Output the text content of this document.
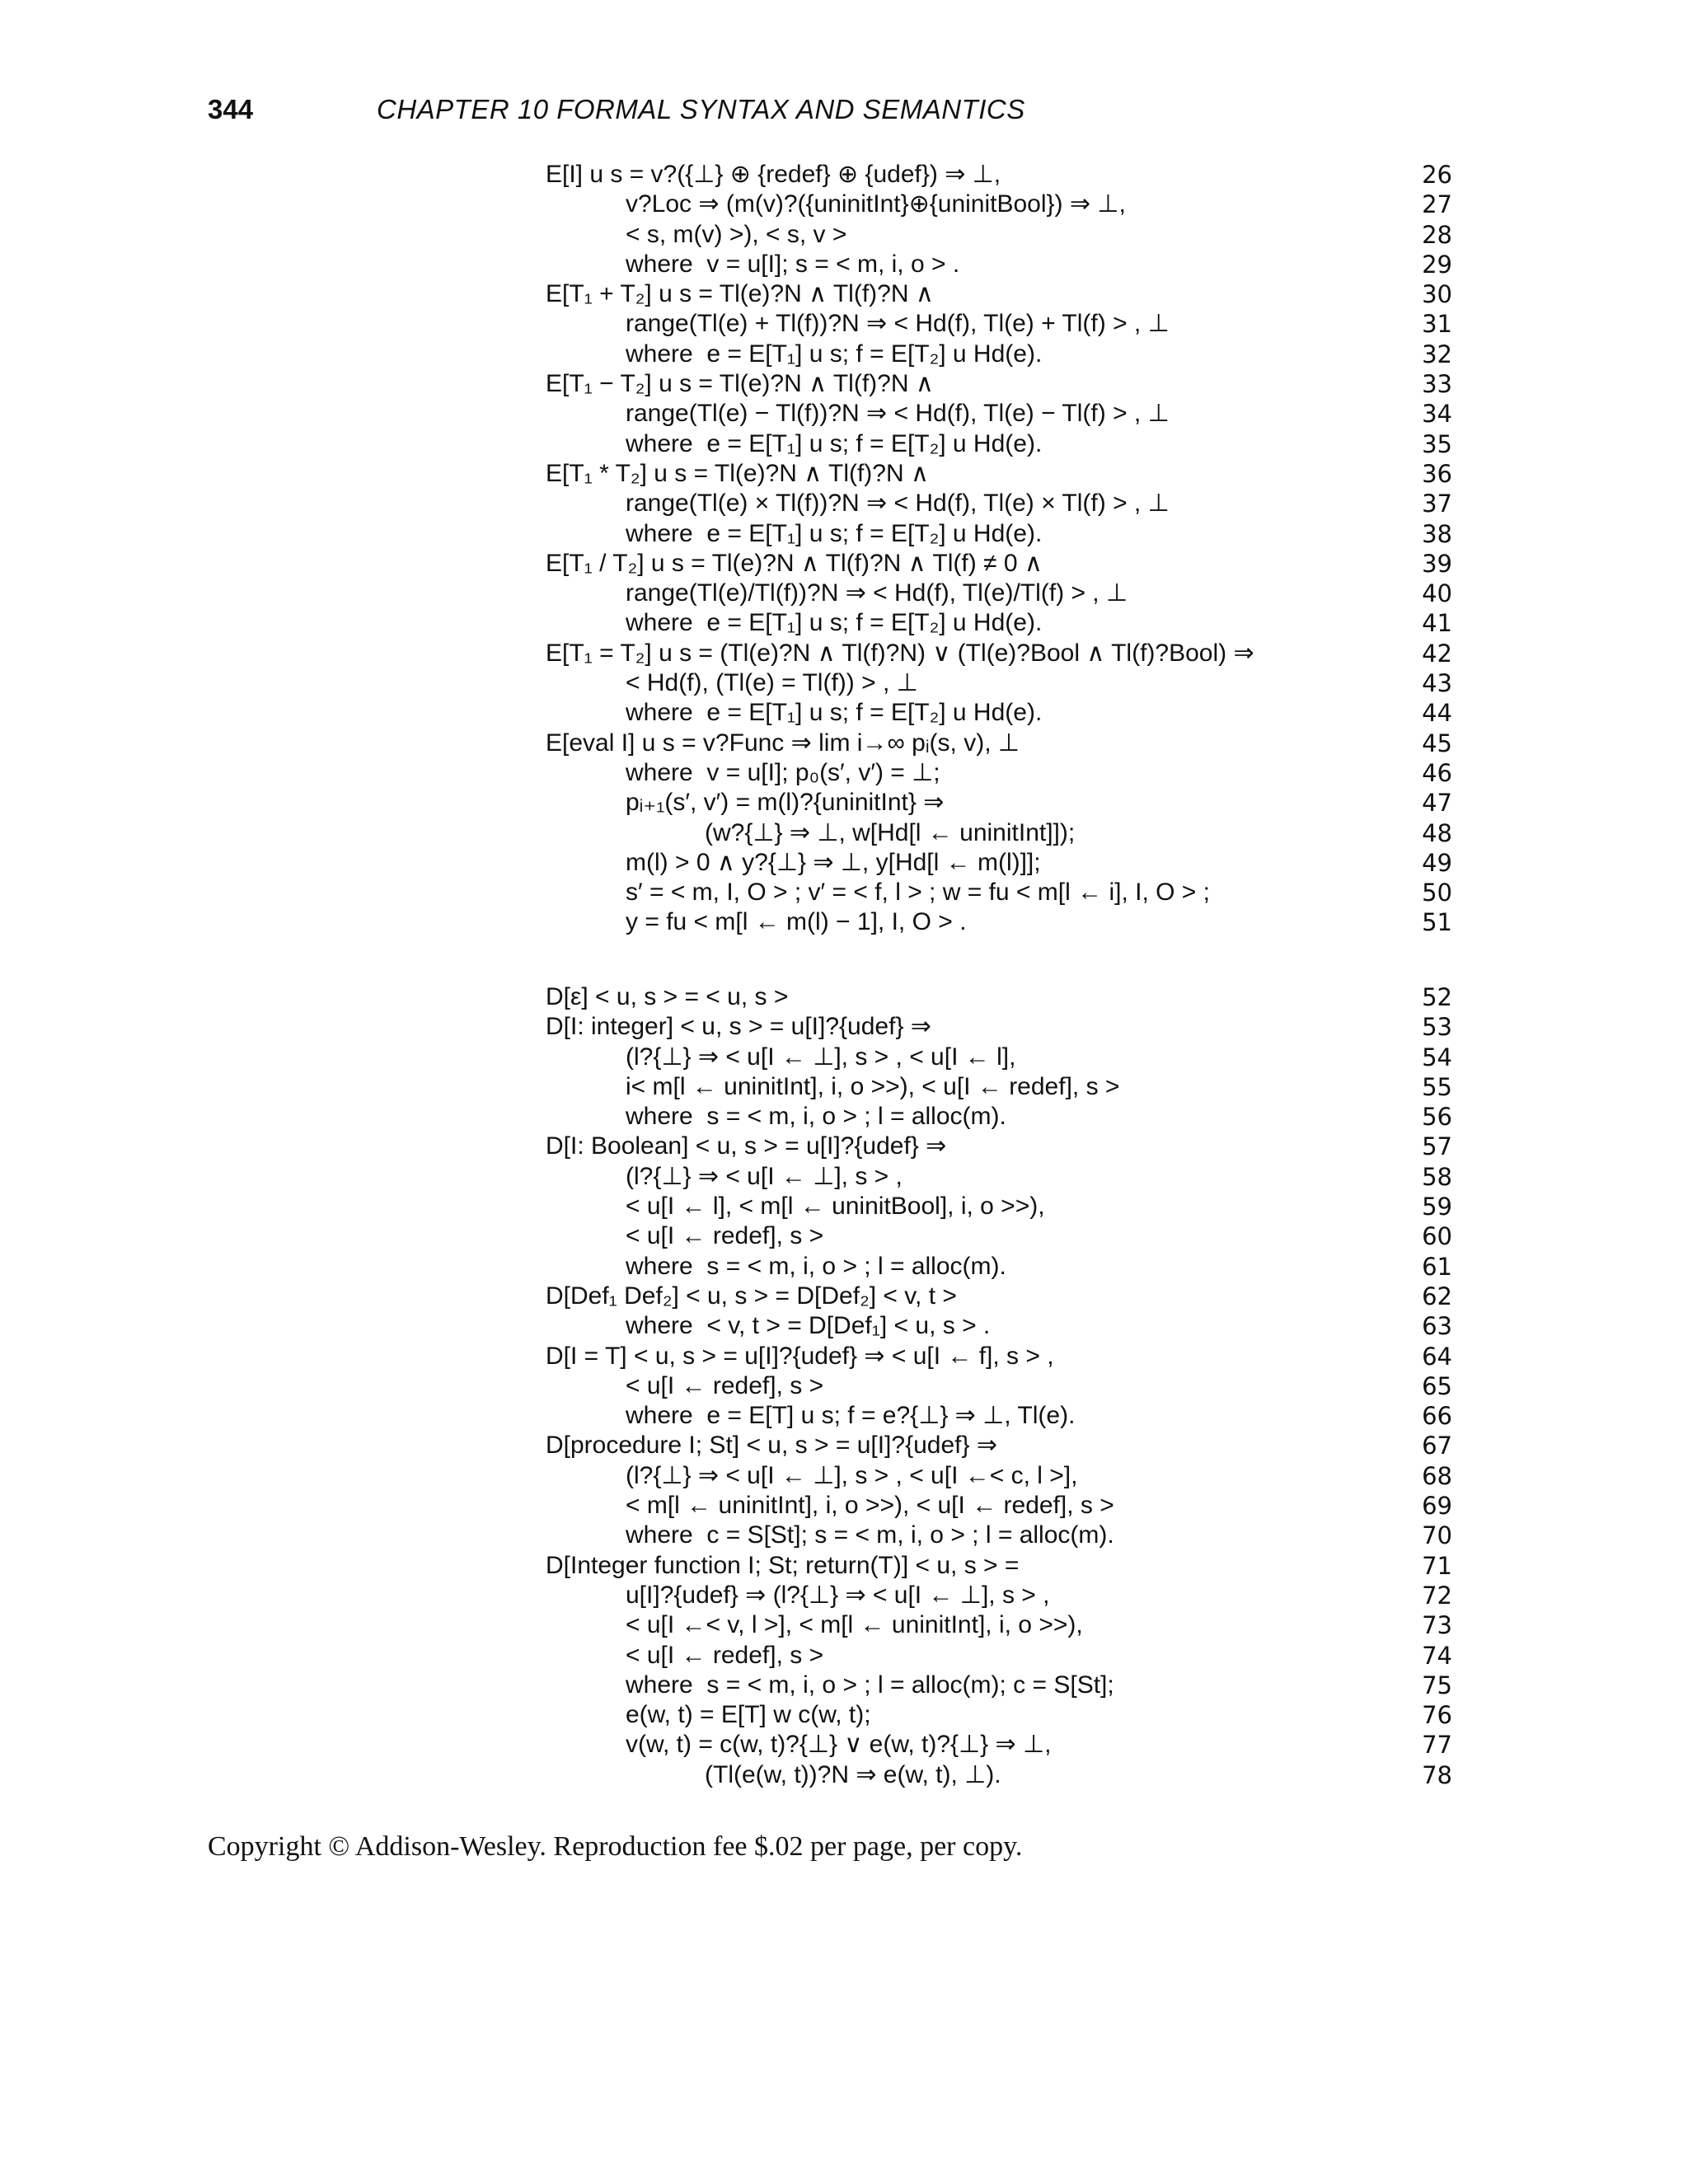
344	CHAPTER 10 FORMAL SYNTAX AND SEMANTICS
E[I] u s = v?({⊥} ⊕ {redef} ⊕ {udef}) ⇒ ⊥,	26
v?Loc ⇒ (m(v)?({uninitInt}⊕{uninitBool}) ⇒ ⊥,	27
< s, m(v) >), < s, v >	28
where  v = u[I]; s = < m, i, o > .	29
E[T₁ + T₂] u s = Tl(e)?N ∧ Tl(f)?N ∧	30
range(Tl(e) + Tl(f))?N ⇒ < Hd(f), Tl(e) + Tl(f) > , ⊥	31
where  e = E[T₁] u s; f = E[T₂] u Hd(e).	32
E[T₁ − T₂] u s = Tl(e)?N ∧ Tl(f)?N ∧	33
range(Tl(e) − Tl(f))?N ⇒ < Hd(f), Tl(e) − Tl(f) > , ⊥	34
where  e = E[T₁] u s; f = E[T₂] u Hd(e).	35
E[T₁ * T₂] u s = Tl(e)?N ∧ Tl(f)?N ∧	36
range(Tl(e) × Tl(f))?N ⇒ < Hd(f), Tl(e) × Tl(f) > , ⊥	37
where  e = E[T₁] u s; f = E[T₂] u Hd(e).	38
E[T₁ / T₂] u s = Tl(e)?N ∧ Tl(f)?N ∧ Tl(f) ≠ 0 ∧	39
range(Tl(e)/Tl(f))?N ⇒ < Hd(f), Tl(e)/Tl(f) > , ⊥	40
where  e = E[T₁] u s; f = E[T₂] u Hd(e).	41
E[T₁ = T₂] u s = (Tl(e)?N ∧ Tl(f)?N) ∨ (Tl(e)?Bool ∧ Tl(f)?Bool) ⇒	42
< Hd(f), (Tl(e) = Tl(f)) > , ⊥	43
where  e = E[T₁] u s; f = E[T₂] u Hd(e).	44
E[eval I] u s = v?Func ⇒ lim i→∞ pᵢ(s, v), ⊥	45
where  v = u[I]; p₀(s′, v′) = ⊥;	46
pᵢ₊₁(s′, v′) = m(l)?{uninitInt} ⇒	47
(w?{⊥} ⇒ ⊥, w[Hd[l ← uninitInt]]);	48
m(l) > 0 ∧ y?{⊥} ⇒ ⊥, y[Hd[l ← m(l)]];	49
s′ = < m, I, O > ; v′ = < f, l > ; w = fu < m[l ← i], I, O > ;	50
y = fu < m[l ← m(l) − 1], I, O > .	51
D[ε] < u, s > = < u, s >	52
D[I: integer] < u, s > = u[I]?{udef} ⇒	53
(l?{⊥} ⇒ < u[I ← ⊥], s > , < u[I ← l],	54
i< m[l ← uninitInt], i, o >>), < u[I ← redef], s >	55
where  s = < m, i, o > ; l = alloc(m).	56
D[I: Boolean] < u, s > = u[I]?{udef} ⇒	57
(l?{⊥} ⇒ < u[I ← ⊥], s > ,	58
< u[I ← l], < m[l ← uninitBool], i, o >>),	59
< u[I ← redef], s >	60
where  s = < m, i, o > ; l = alloc(m).	61
D[Def₁ Def₂] < u, s > = D[Def₂] < v, t >	62
where  < v, t > = D[Def₁] < u, s > .	63
D[I = T] < u, s > = u[I]?{udef} ⇒ < u[I ← f], s > ,	64
< u[I ← redef], s >	65
where  e = E[T] u s; f = e?{⊥} ⇒ ⊥, Tl(e).	66
D[procedure I; St] < u, s > = u[I]?{udef} ⇒	67
(l?{⊥} ⇒ < u[I ← ⊥], s > , < u[I ←< c, l >],	68
< m[l ← uninitInt], i, o >>), < u[I ← redef], s >	69
where  c = S[St]; s = < m, i, o > ; l = alloc(m).	70
D[Integer function I; St; return(T)] < u, s > =	71
u[I]?{udef} ⇒ (l?{⊥} ⇒ < u[I ← ⊥], s > ,	72
< u[I ←< v, l >], < m[l ← uninitInt], i, o >>),	73
< u[I ← redef], s >	74
where  s = < m, i, o > ; l = alloc(m); c = S[St];	75
e(w, t) = E[T] w c(w, t);	76
v(w, t) = c(w, t)?{⊥} ∨ e(w, t)?{⊥} ⇒ ⊥,	77
(Tl(e(w, t))?N ⇒ e(w, t), ⊥).	78
Copyright © Addison-Wesley. Reproduction fee $.02 per page, per copy.
